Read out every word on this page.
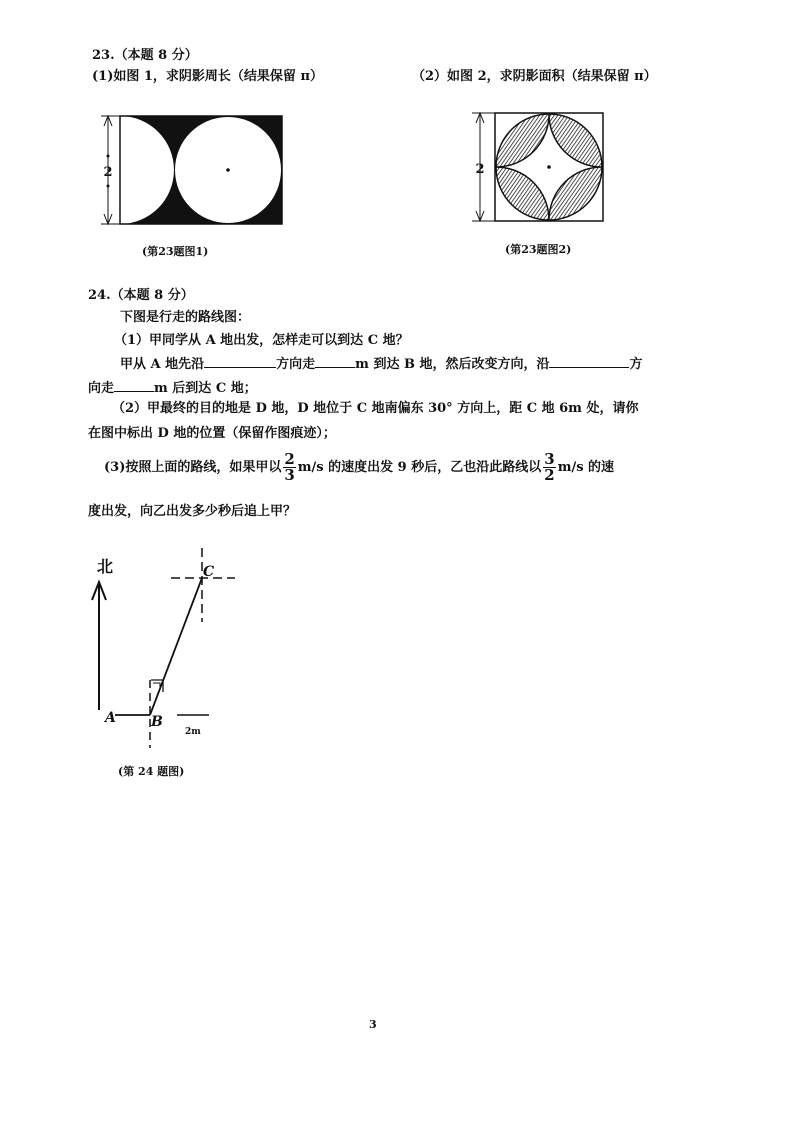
23.（本题 8 分）
(1)如图 1，求阴影周长（结果保留 π）	（2）如图 2，求阴影面积（结果保留 π）
2
(第23题图1)
2
(第23题图2)
24.（本题 8 分）
下图是行走的路线图：
（1）甲同学从 A 地出发，怎样走可以到达 C 地？
甲从 A 地先沿	方向走	m 到达 B 地，然后改变方向，沿	方
向走	m 后到达 C 地；
（2）甲最终的目的地是 D 地，D 地位于 C 地南偏东 30° 方向上，距 C 地 6m 处，请你
在图中标出 D 地的位置（保留作图痕迹）；
(3)按照上面的路线，如果甲以 $\frac{2}{3} m/s$ 的速度出发 9 秒后，乙也沿此路线以 $\frac{3}{2} m/s$ 的速
度出发，向乙出发多少秒后追上甲？
北
2m
A	B
C
(第 24 题图)
3
